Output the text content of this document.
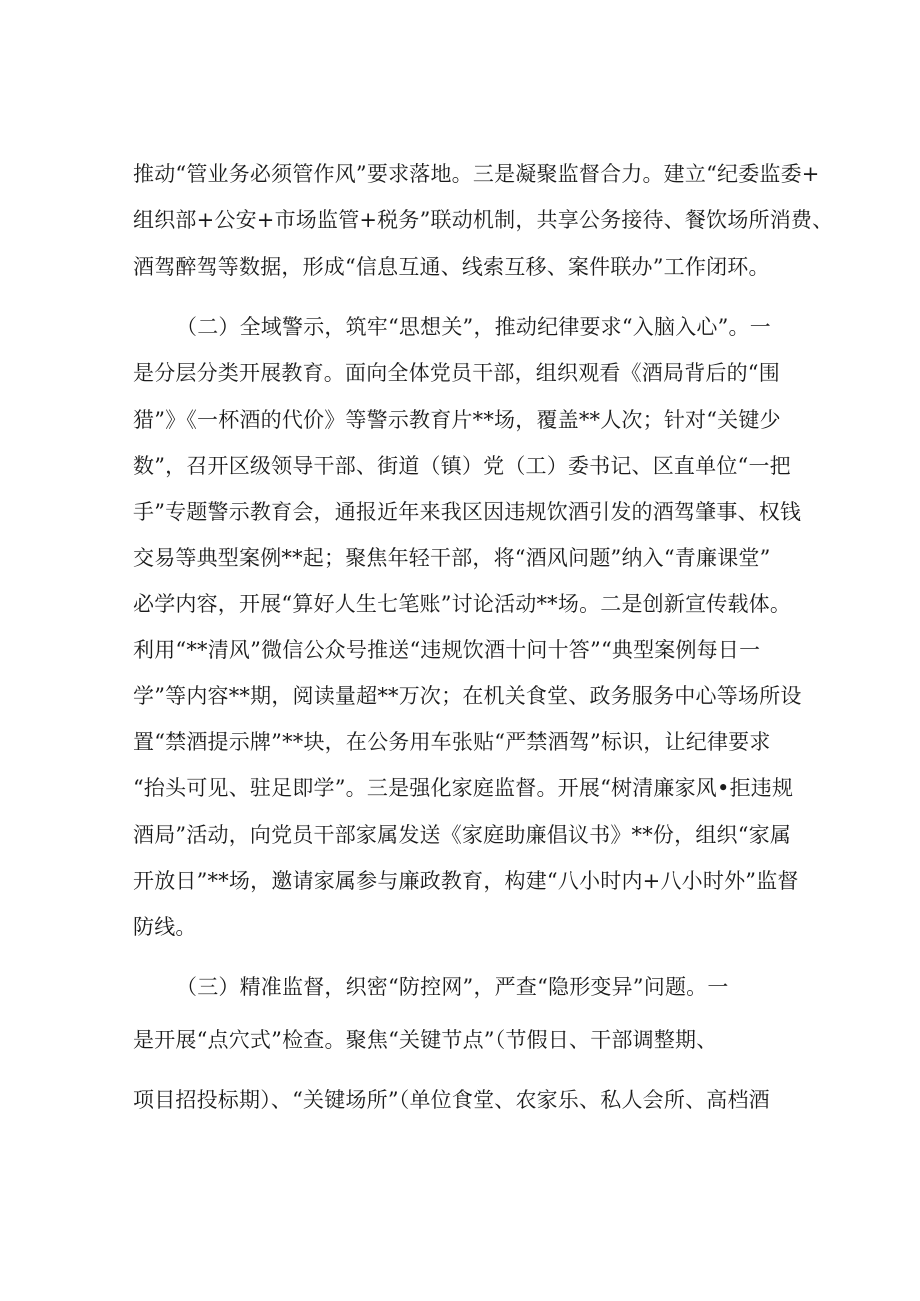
推动“管业务必须管作风”要求落地。三是凝聚监督合力。建立“纪委监委+
组织部+公安+市场监管+税务”联动机制，共享公务接待、餐饮场所消费、
酒驾醉驾等数据，形成“信息互通、线索互移、案件联办”工作闭环。
（二）全域警示，筑牢“思想关”，推动纪律要求“入脑入心”。一
是分层分类开展教育。面向全体党员干部，组织观看《酒局背后的“围
猎”》《一杯酒的代价》等警示教育片**场，覆盖**人次；针对“关键少
数”，召开区级领导干部、街道（镇）党（工）委书记、区直单位“一把
手”专题警示教育会，通报近年来我区因违规饮酒引发的酒驾肇事、权钱
交易等典型案例**起；聚焦年轻干部，将“酒风问题”纳入“青廉课堂”
必学内容，开展“算好人生七笔账”讨论活动**场。二是创新宣传载体。
利用“**清风”微信公众号推送“违规饮酒十问十答”“典型案例每日一
学”等内容**期，阅读量超**万次；在机关食堂、政务服务中心等场所设
置“禁酒提示牌”**块，在公务用车张贴“严禁酒驾”标识，让纪律要求
“抬头可见、驻足即学”。三是强化家庭监督。开展“树清廉家风•拒违规
酒局”活动，向党员干部家属发送《家庭助廉倡议书》**份，组织“家属
开放日”**场，邀请家属参与廉政教育，构建“八小时内+八小时外”监督
防线。
（三）精准监督，织密“防控网”，严查“隐形变异”问题。一
是开展“点穴式”检查。聚焦“关键节点”（节假日、干部调整期、
项目招投标期）、“关键场所”（单位食堂、农家乐、私人会所、高档酒
